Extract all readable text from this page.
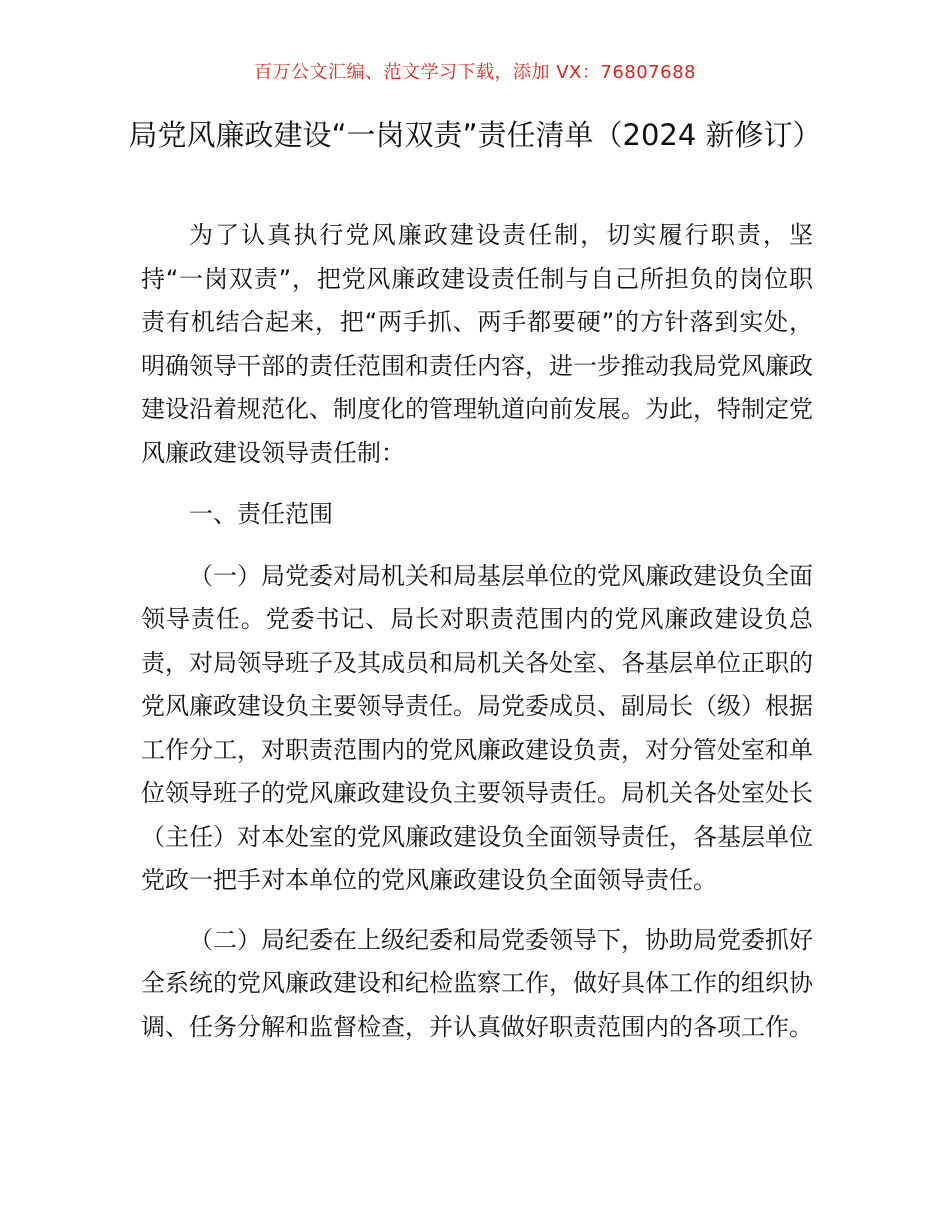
百万公文汇编、范文学习下载，添加 VX：76807688
局党风廉政建设“一岗双责”责任清单（2024 新修订）

为了认真执行党风廉政建设责任制，切实履行职责，坚持“一岗双责”，把党风廉政建设责任制与自己所担负的岗位职责有机结合起来，把“两手抓、两手都要硬”的方针落到实处，明确领导干部的责任范围和责任内容，进一步推动我局党风廉政建设沿着规范化、制度化的管理轨道向前发展。为此，特制定党风廉政建设领导责任制：

一、责任范围

（一）局党委对局机关和局基层单位的党风廉政建设负全面领导责任。党委书记、局长对职责范围内的党风廉政建设负总责，对局领导班子及其成员和局机关各处室、各基层单位正职的党风廉政建设负主要领导责任。局党委成员、副局长（级）根据工作分工，对职责范围内的党风廉政建设负责，对分管处室和单位领导班子的党风廉政建设负主要领导责任。局机关各处室处长（主任）对本处室的党风廉政建设负全面领导责任，各基层单位党政一把手对本单位的党风廉政建设负全面领导责任。

（二）局纪委在上级纪委和局党委领导下，协助局党委抓好全系统的党风廉政建设和纪检监察工作，做好具体工作的组织协调、任务分解和监督检查，并认真做好职责范围内的各项工作。
